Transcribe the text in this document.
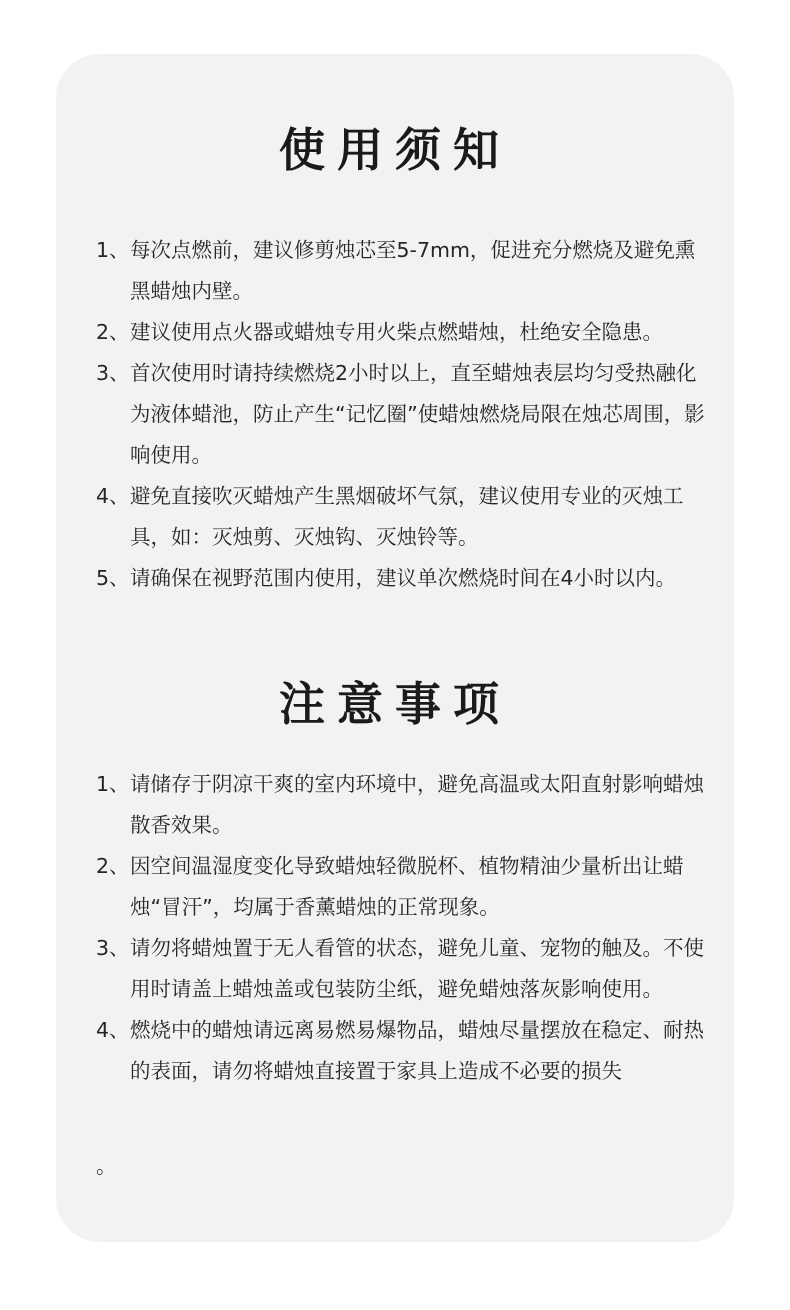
使用须知
1、 每次点燃前，建议修剪烛芯至5-7mm，促进充分燃烧及避免熏黑蜡烛内壁。
2、 建议使用点火器或蜡烛专用火柴点燃蜡烛，杜绝安全隐患。
3、 首次使用时请持续燃烧2小时以上，直至蜡烛表层均匀受热融化为液体蜡池，防止产生“记忆圈”使蜡烛燃烧局限在烛芯周围，影响使用。
4、 避免直接吹灭蜡烛产生黑烟破坏气氛，建议使用专业的灭烛工具，如：灭烛剪、灭烛钩、灭烛铃等。
5、 请确保在视野范围内使用，建议单次燃烧时间在4小时以内。
注意事项
1、 请储存于阴凉干爽的室内环境中，避免高温或太阳直射影响蜡烛散香效果。
2、 因空间温湿度变化导致蜡烛轻微脱杯、植物精油少量析出让蜡烛“冒汗”，均属于香薰蜡烛的正常现象。
3、 请勿将蜡烛置于无人看管的状态，避免儿童、宠物的触及。不使用时请盖上蜡烛盖或包装防尘纸，避免蜡烛落灰影响使用。
4、 燃烧中的蜡烛请远离易燃易爆物品，蜡烛尽量摆放在稳定、耐热的表面，请勿将蜡烛直接置于家具上造成不必要的损失
。
